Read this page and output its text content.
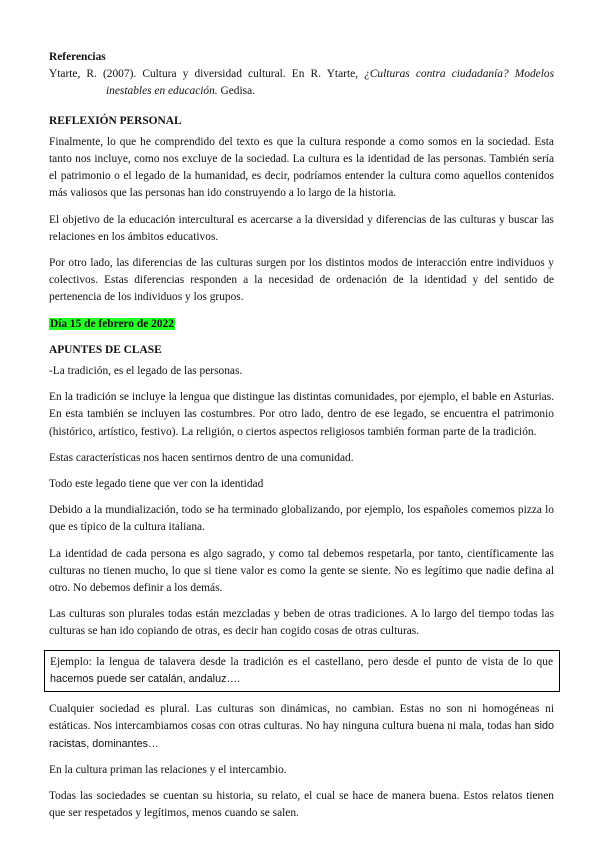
Referencias

Ytarte, R. (2007). Cultura y diversidad cultural. En R. Ytarte, ¿Culturas contra ciudadanía? Modelos inestables en educación. Gedisa.

REFLEXIÓN PERSONAL

Finalmente, lo que he comprendido del texto es que la cultura responde a como somos en la sociedad. Esta tanto nos incluye, como nos excluye de la sociedad. La cultura es la identidad de las personas. También sería el patrimonio o el legado de la humanidad, es decir, podríamos entender la cultura como aquellos contenidos más valiosos que las personas han ido construyendo a lo largo de la historia.

El objetivo de la educación intercultural es acercarse a la diversidad y diferencias de las culturas y buscar las relaciones en los ámbitos educativos.

Por otro lado, las diferencias de las culturas surgen por los distintos modos de interacción entre individuos y colectivos. Estas diferencias responden a la necesidad de ordenación de la identidad y del sentido de pertenencia de los individuos y los grupos.

Día 15 de febrero de 2022
APUNTES DE CLASE

-La tradición, es el legado de las personas.

En la tradición se incluye la lengua que distingue las distintas comunidades, por ejemplo, el bable en Asturias. En esta también se incluyen las costumbres. Por otro lado, dentro de ese legado, se encuentra el patrimonio (histórico, artístico, festivo). La religión, o ciertos aspectos religiosos también forman parte de la tradición.

Estas características nos hacen sentirnos dentro de una comunidad.

Todo este legado tiene que ver con la identidad

Debido a la mundialización, todo se ha terminado globalizando, por ejemplo, los españoles comemos pizza lo que es típico de la cultura italiana.

La identidad de cada persona es algo sagrado, y como tal debemos respetarla, por tanto, científicamente las culturas no tienen mucho, lo que si tiene valor es como la gente se siente. No es legítimo que nadie defina al otro. No debemos definir a los demás.

Las culturas son plurales todas están mezcladas y beben de otras tradiciones. A lo largo del tiempo todas las culturas se han ido copiando de otras, es decir han cogido cosas de otras culturas.

Ejemplo: la lengua de talavera desde la tradición es el castellano, pero desde el punto de vista de lo que hacemos puede ser catalán, andaluz….

Cualquier sociedad es plural. Las culturas son dinámicas, no cambian. Estas no son ni homogéneas ni estáticas. Nos intercambiamos cosas con otras culturas. No hay ninguna cultura buena ni mala, todas han sido racistas, dominantes…

En la cultura priman las relaciones y el intercambio.

Todas las sociedades se cuentan su historia, su relato, el cual se hace de manera buena. Estos relatos tienen que ser respetados y legítimos, menos cuando se salen.
